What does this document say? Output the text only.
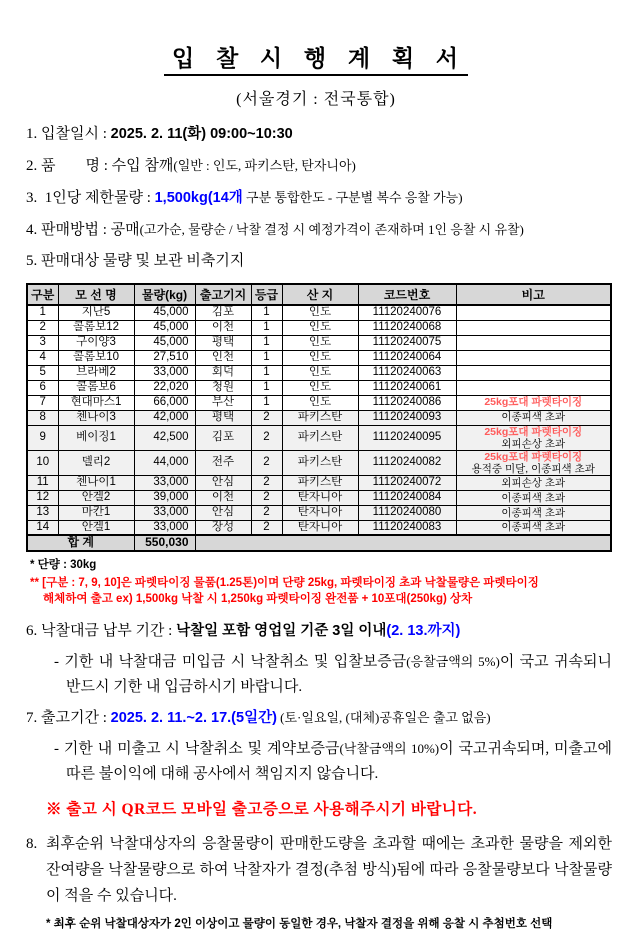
입 찰 시 행 계 획 서
(서울경기 : 전국통합)
1. 입찰일시 : 2025. 2. 11(화) 09:00~10:30
2. 품        명 : 수입 참깨(일반 : 인도, 파키스탄, 탄자니아)
3.  1인당 제한물량 : 1,500kg(14개 구분 통합한도 - 구분별 복수 응찰 가능)
4. 판매방법 : 공매(고가순, 물량순 / 낙찰 결정 시 예정가격이 존재하며 1인 응찰 시 유찰)
5. 판매대상 물량 및 보관 비축기지
구분	모 선 명	물량(kg)	출고기지	등급	산 지	코드번호	비고
1	지난5	45,000	김포	1	인도	11120240076	
2	콜롬보12	45,000	이천	1	인도	11120240068	
3	구이양3	45,000	평택	1	인도	11120240075	
4	콜롬보10	27,510	인천	1	인도	11120240064	
5	브라베2	33,000	회덕	1	인도	11120240063	
6	콜롬보6	22,020	청원	1	인도	11120240061	
7	현대마스1	66,000	부산	1	인도	11120240086	25kg포대 파렛타이징

8	첸나이3	42,000	평택	2	파키스탄	11120240093	이종피색 초과

9	베이징1	42,500	김포	2	파키스탄	11120240095	25kg포대 파렛타이징
외피손상 초과

10	델리2	44,000	전주	2	파키스탄	11120240082	25kg포대 파렛타이징
용적중 미달, 이종피색 초과

11	첸나이1	33,000	안심	2	파키스탄	11120240072	외피손상 초과

12	안겔2	39,000	이천	2	탄자니아	11120240084	이종피색 초과

13	마칸1	33,000	안심	2	탄자니아	11120240080	이종피색 초과

14	안겔1	33,000	장성	2	탄자니아	11120240083	이종피색 초과

합 계		550,030					
* 단량 : 30kg
** [구분 : 7, 9, 10]은 파렛타이징 물품(1.25톤)이며 단량 25kg, 파렛타이징 초과 낙찰물량은 파렛타이징
해체하여 출고 ex) 1,500kg 낙찰 시 1,250kg 파렛타이징 완전품 + 10포대(250kg) 상차
6. 낙찰대금 납부 기간 : 낙찰일 포함 영업일 기준 3일 이내(2. 13.까지)

- 기한 내 낙찰대금 미입금 시 낙찰취소 및 입찰보증금(응찰금액의 5%)이 국고 귀속되니 반드시 기한 내 입금하시기 바랍니다.

7. 출고기간 : 2025. 2. 11.~2. 17.(5일간) (토·일요일, (대체)공휴일은 출고 없음)

- 기한 내 미출고 시 낙찰취소 및 계약보증금(낙찰금액의 10%)이 국고귀속되며, 미출고에 따른 불이익에 대해 공사에서 책임지지 않습니다.

※ 출고 시 QR코드 모바일 출고증으로 사용해주시기 바랍니다.
8. 최후순위 낙찰대상자의 응찰물량이 판매한도량을 초과할 때에는 초과한 물량을 제외한 잔여량을 낙찰물량으로 하여 낙찰자가 결정(추첨 방식)됨에 따라 응찰물량보다 낙찰물량이 적을 수 있습니다.

* 최후 순위 낙찰대상자가 2인 이상이고 물량이 동일한 경우, 낙찰자 결정을 위해 응찰 시 추첨번호 선택
